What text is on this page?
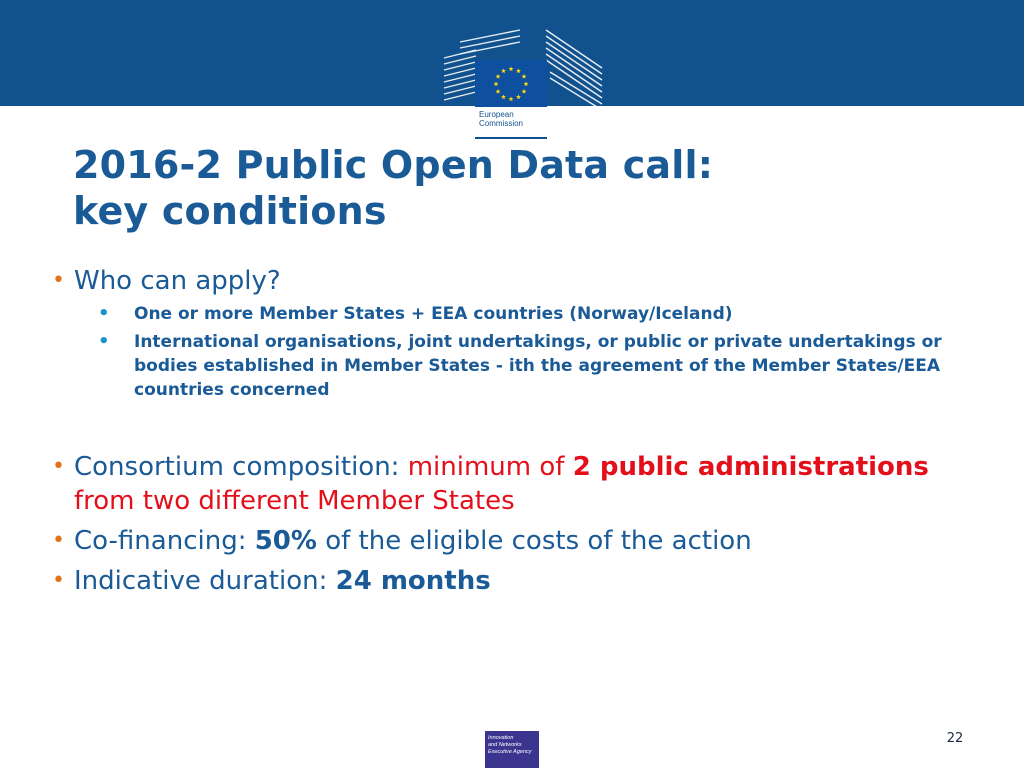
European
Commission
2016-2 Public Open Data call:
key conditions
• Who can apply?
• One or more Member States + EEA countries (Norway/Iceland)
• International organisations, joint undertakings, or public or private undertakings or bodies established in Member States - ith the agreement of the Member States/EEA countries concerned
• Consortium composition: minimum of 2 public administrations from two different Member States
• Co-financing: 50% of the eligible costs of the action
• Indicative duration: 24 months
Innovation
and Networks
Executive Agency
22
